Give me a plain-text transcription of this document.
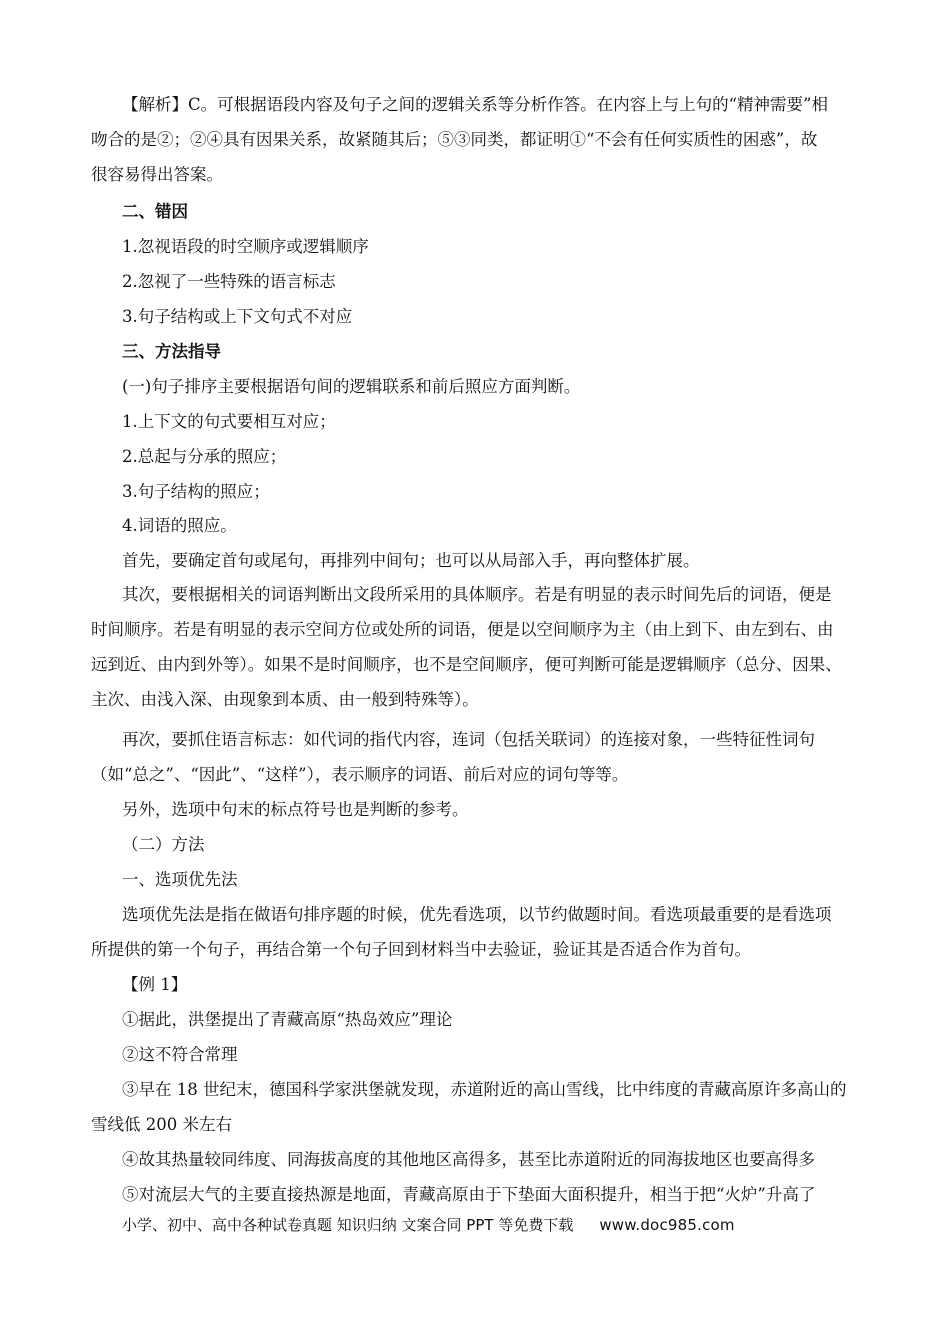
【解析】C。可根据语段内容及句子之间的逻辑关系等分析作答。在内容上与上句的“精神需要”相
吻合的是②；②④具有因果关系，故紧随其后；⑤③同类，都证明①“不会有任何实质性的困惑”，故
很容易得出答案。
二、错因
1.忽视语段的时空顺序或逻辑顺序
2.忽视了一些特殊的语言标志
3.句子结构或上下文句式不对应
三、方法指导
(一)句子排序主要根据语句间的逻辑联系和前后照应方面判断。
1.上下文的句式要相互对应；
2.总起与分承的照应；
3.句子结构的照应；
4.词语的照应。
首先，要确定首句或尾句，再排列中间句；也可以从局部入手，再向整体扩展。
其次，要根据相关的词语判断出文段所采用的具体顺序。若是有明显的表示时间先后的词语，便是
时间顺序。若是有明显的表示空间方位或处所的词语，便是以空间顺序为主（由上到下、由左到右、由
远到近、由内到外等）。如果不是时间顺序，也不是空间顺序，便可判断可能是逻辑顺序（总分、因果、
主次、由浅入深、由现象到本质、由一般到特殊等）。
再次，要抓住语言标志：如代词的指代内容，连词（包括关联词）的连接对象，一些特征性词句
（如“总之”、“因此”、“这样”），表示顺序的词语、前后对应的词句等等。
另外，选项中句末的标点符号也是判断的参考。
（二）方法
一、选项优先法
选项优先法是指在做语句排序题的时候，优先看选项，以节约做题时间。看选项最重要的是看选项
所提供的第一个句子，再结合第一个句子回到材料当中去验证，验证其是否适合作为首句。
【例 1】
①据此，洪堡提出了青藏高原“热岛效应”理论
②这不符合常理
③早在 18 世纪末，德国科学家洪堡就发现，赤道附近的高山雪线，比中纬度的青藏高原许多高山的
雪线低 200 米左右
④故其热量较同纬度、同海拔高度的其他地区高得多，甚至比赤道附近的同海拔地区也要高得多
⑤对流层大气的主要直接热源是地面，青藏高原由于下垫面大面积提升，相当于把“火炉”升高了
小学、初中、高中各种试卷真题 知识归纳 文案合同 PPT 等免费下载 www.doc985.com
